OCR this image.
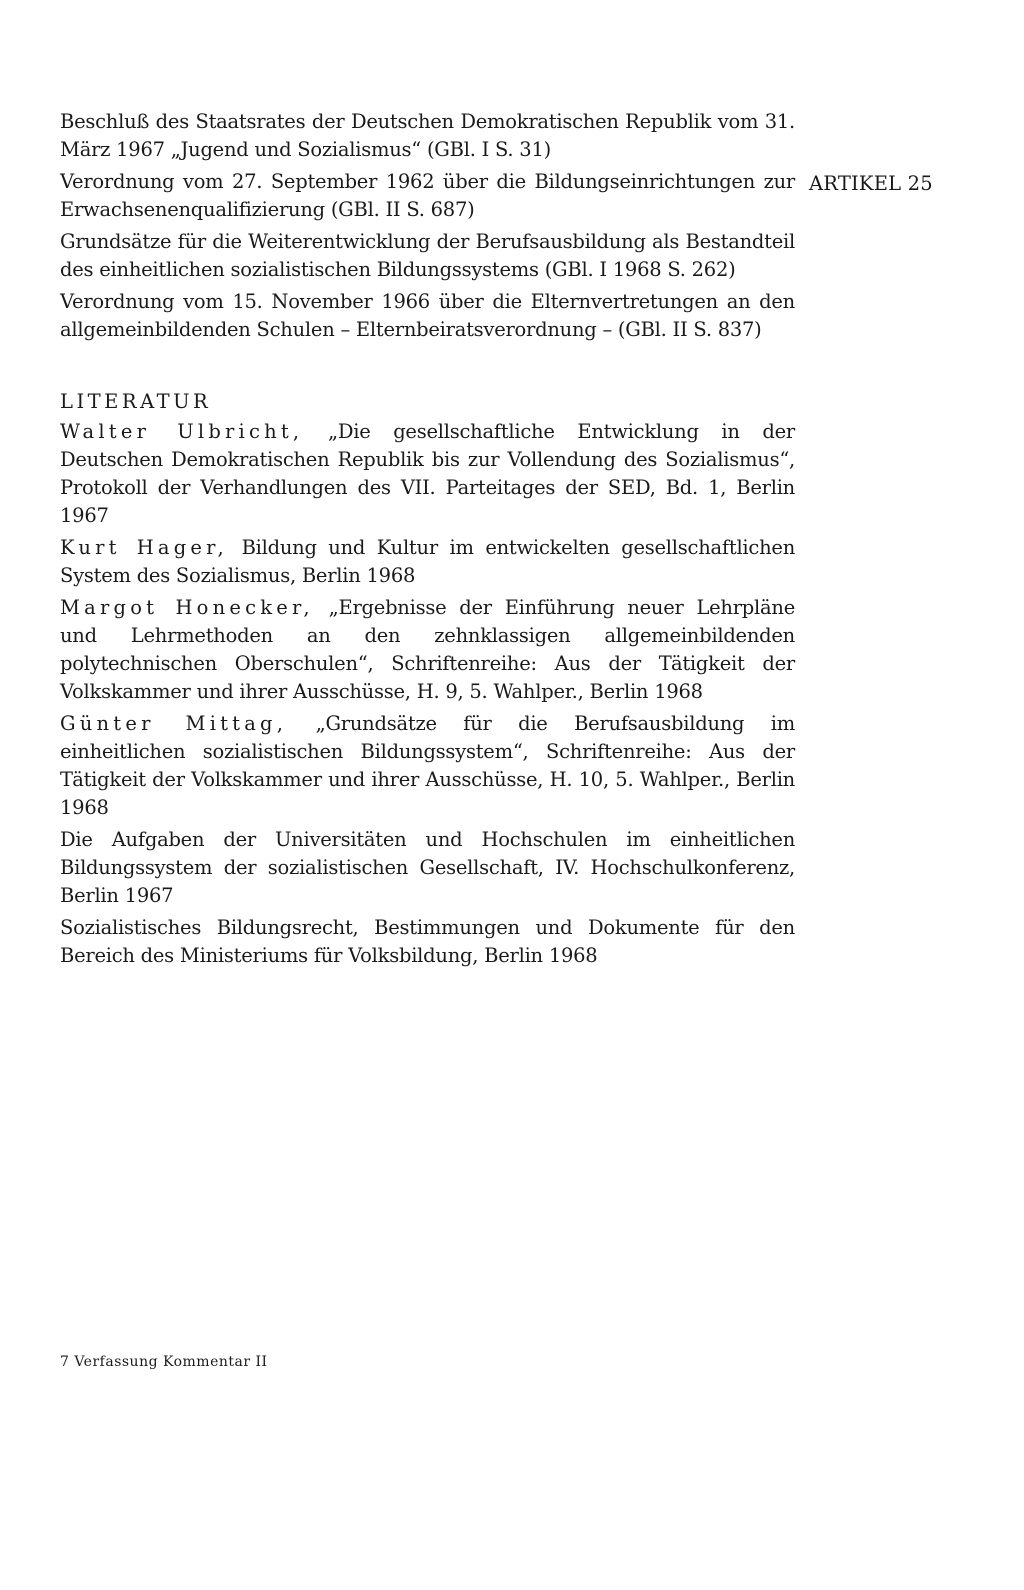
Beschluß des Staatsrates der Deutschen Demokratischen Republik vom 31. März 1967 „Jugend und Sozialismus“ (GBl. I S. 31)

Verordnung vom 27. September 1962 über die Bildungseinrichtungen zur Erwachsenenqualifizierung (GBl. II S. 687)

Grundsätze für die Weiterentwicklung der Berufsausbildung als Bestandteil des einheitlichen sozialistischen Bildungssystems (GBl. I 1968 S. 262)

Verordnung vom 15. November 1966 über die Elternvertretungen an den allgemeinbildenden Schulen – Elternbeiratsverordnung – (GBl. II S. 837)

LITERATUR

Walter Ulbricht, „Die gesellschaftliche Entwicklung in der Deutschen Demokratischen Republik bis zur Vollendung des Sozialismus“, Protokoll der Verhandlungen des VII. Parteitages der SED, Bd. 1, Berlin 1967

Kurt Hager, Bildung und Kultur im entwickelten gesellschaftlichen System des Sozialismus, Berlin 1968

Margot Honecker, „Ergebnisse der Einführung neuer Lehrpläne und Lehrmethoden an den zehnklassigen allgemeinbildenden polytechnischen Oberschulen“, Schriftenreihe: Aus der Tätigkeit der Volkskammer und ihrer Ausschüsse, H. 9, 5. Wahlper., Berlin 1968

Günter Mittag, „Grundsätze für die Berufsausbildung im einheitlichen sozialistischen Bildungssystem“, Schriftenreihe: Aus der Tätigkeit der Volkskammer und ihrer Ausschüsse, H. 10, 5. Wahlper., Berlin 1968

Die Aufgaben der Universitäten und Hochschulen im einheitlichen Bildungssystem der sozialistischen Gesellschaft, IV. Hochschulkonferenz, Berlin 1967

Sozialistisches Bildungsrecht, Bestimmungen und Dokumente für den Bereich des Ministeriums für Volksbildung, Berlin 1968

ARTIKEL 25
7 Verfassung Kommentar II
